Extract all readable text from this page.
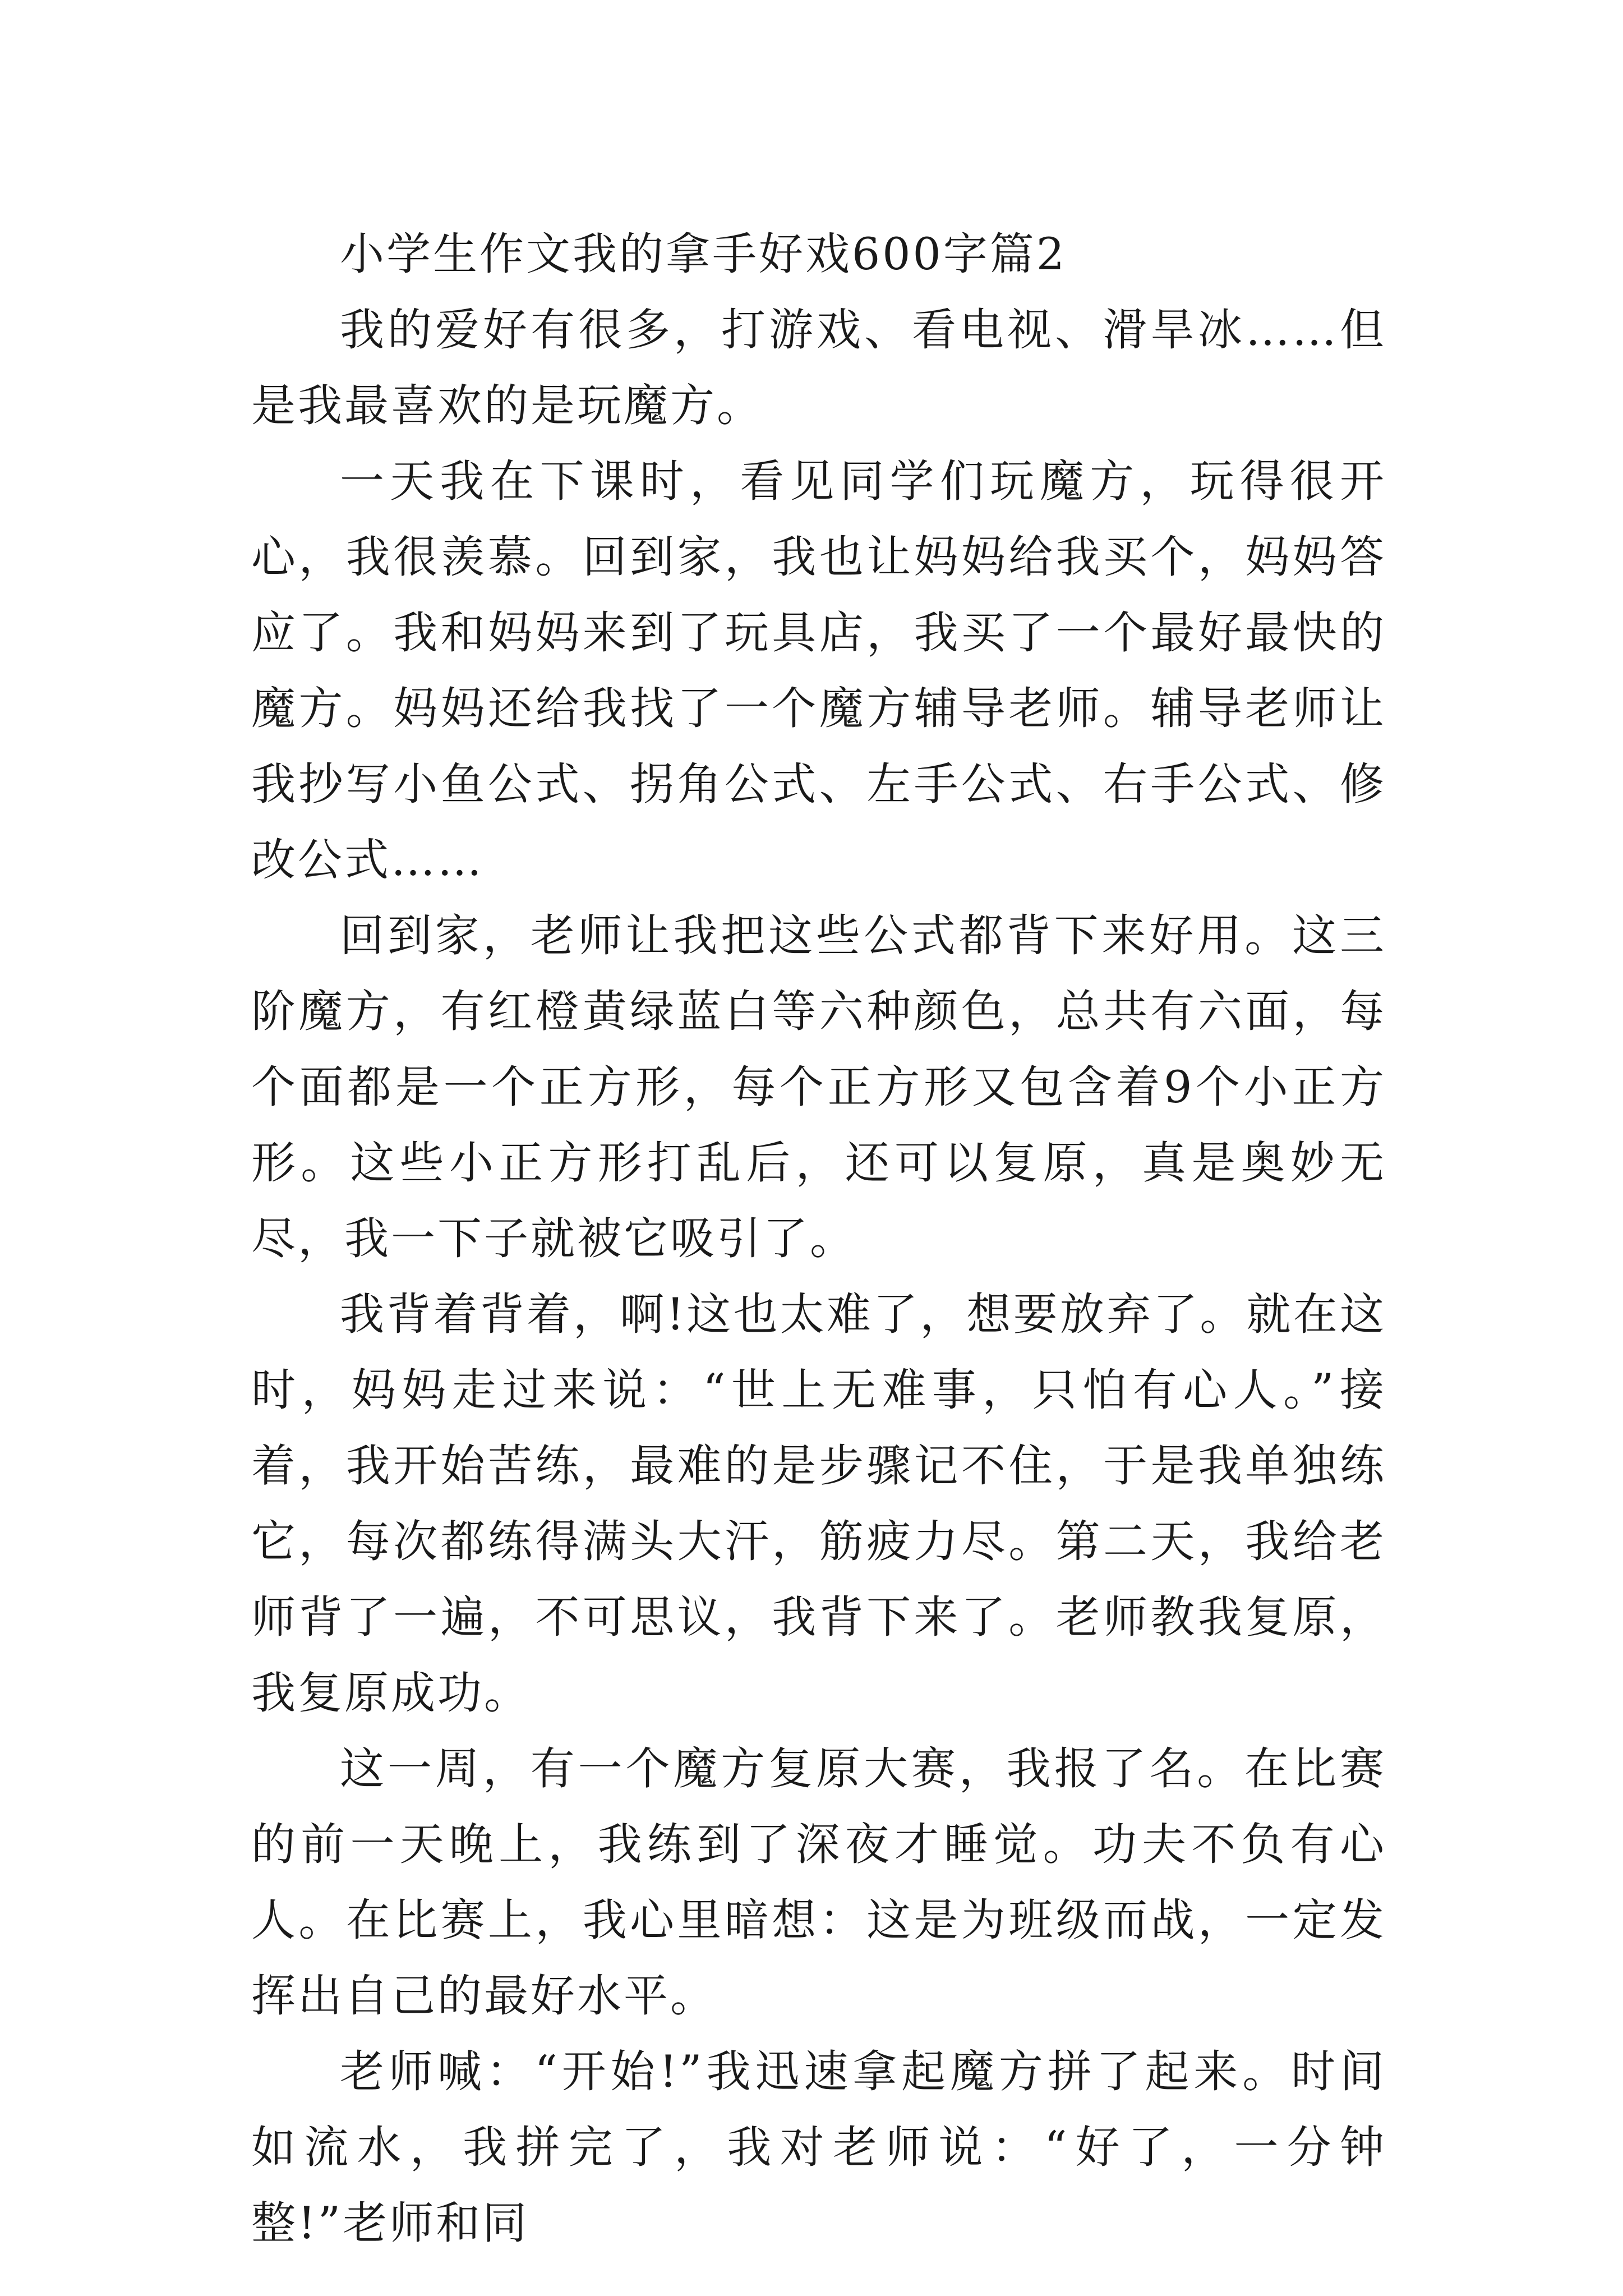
小学生作文我的拿手好戏600字篇2

我的爱好有很多，打游戏、看电视、滑旱冰……但是我最喜欢的是玩魔方。

一天我在下课时，看见同学们玩魔方，玩得很开心，我很羡慕。回到家，我也让妈妈给我买个，妈妈答应了。我和妈妈来到了玩具店，我买了一个最好最快的魔方。妈妈还给我找了一个魔方辅导老师。辅导老师让我抄写小鱼公式、拐角公式、左手公式、右手公式、修改公式……

回到家，老师让我把这些公式都背下来好用。这三阶魔方，有红橙黄绿蓝白等六种颜色，总共有六面，每个面都是一个正方形，每个正方形又包含着9个小正方形。这些小正方形打乱后，还可以复原，真是奥妙无尽，我一下子就被它吸引了。

我背着背着，啊!这也太难了，想要放弃了。就在这时，妈妈走过来说：“世上无难事，只怕有心人。”接着，我开始苦练，最难的是步骤记不住，于是我单独练它，每次都练得满头大汗，筋疲力尽。第二天，我给老师背了一遍，不可思议，我背下来了。老师教我复原，我复原成功。

这一周，有一个魔方复原大赛，我报了名。在比赛的前一天晚上，我练到了深夜才睡觉。功夫不负有心人。在比赛上，我心里暗想：这是为班级而战，一定发挥出自己的最好水平。

老师喊：“开始!”我迅速拿起魔方拼了起来。时间如流水，我拼完了，我对老师说：“好了，一分钟整!”老师和同
